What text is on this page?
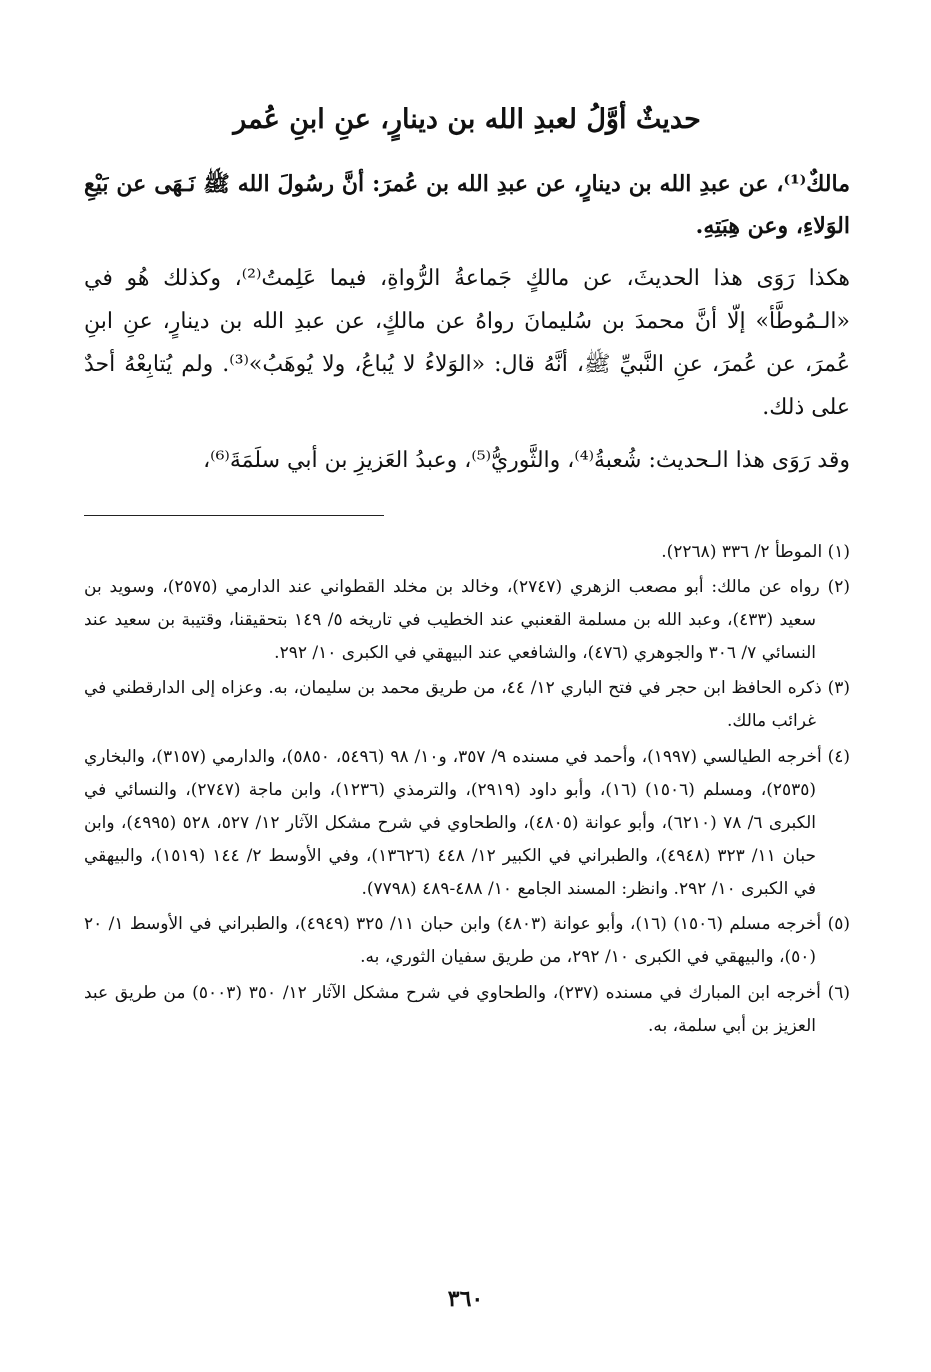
حديثٌ أوَّلُ لعبدِ الله بن دينارٍ، عنِ ابنِ عُمر
مالكٌ⁽¹⁾، عن عبدِ الله بن دينارٍ، عن عبدِ الله بن عُمرَ: أنَّ رسُولَ الله ﷺ نَـهَى عن بَيْعِ الوَلاءِ، وعن هِبَتِهِ.
هكذا رَوَى هذا الحديثَ، عن مالكٍ جَماعةُ الرُّواةِ، فيما عَلِمتُ⁽²⁾، وكذلك هُو في «الـمُوطَّأ» إلّا أنَّ محمدَ بن سُليمانَ رواهُ عن مالكٍ، عن عبدِ الله بن دينارٍ، عنِ ابنِ عُمرَ، عن عُمرَ، عنِ النَّبيِّ ﷺ، أنَّهُ قال: «الوَلاءُ لا يُباعُ، ولا يُوهَبُ»⁽³⁾. ولم يُتابِعْهُ أحدٌ على ذلك.
وقد رَوَى هذا الـحديث: شُعبةُ⁽⁴⁾، والثَّوريُّ⁽⁵⁾، وعبدُ العَزيزِ بن أبي سلَمَةَ⁽⁶⁾،
(١) الموطأ ٢/ ٣٣٦ (٢٢٦٨).
(٢) رواه عن مالك: أبو مصعب الزهري (٢٧٤٧)، وخالد بن مخلد القطواني عند الدارمي (٢٥٧٥)، وسويد بن سعيد (٤٣٣)، وعبد الله بن مسلمة القعنبي عند الخطيب في تاريخه ٥/ ١٤٩ بتحقيقنا، وقتيبة بن سعيد عند النسائي ٧/ ٣٠٦ والجوهري (٤٧٦)، والشافعي عند البيهقي في الكبرى ١٠/ ٢٩٢.
(٣) ذكره الحافظ ابن حجر في فتح الباري ١٢/ ٤٤، من طريق محمد بن سليمان، به. وعزاه إلى الدارقطني في غرائب مالك.
(٤) أخرجه الطيالسي (١٩٩٧)، وأحمد في مسنده ٩/ ٣٥٧، و١٠/ ٩٨ (٥٤٩٦، ٥٨٥٠)، والدارمي (٣١٥٧)، والبخاري (٢٥٣٥)، ومسلم (١٥٠٦) (١٦)، وأبو داود (٢٩١٩)، والترمذي (١٢٣٦)، وابن ماجة (٢٧٤٧)، والنسائي في الكبرى ٦/ ٧٨ (٦٢١٠)، وأبو عوانة (٤٨٠٥)، والطحاوي في شرح مشكل الآثار ١٢/ ٥٢٧، ٥٢٨ (٤٩٩٥)، وابن حبان ١١/ ٣٢٣ (٤٩٤٨)، والطبراني في الكبير ١٢/ ٤٤٨ (١٣٦٢٦)، وفي الأوسط ٢/ ١٤٤ (١٥١٩)، والبيهقي في الكبرى ١٠/ ٢٩٢. وانظر: المسند الجامع ١٠/ ٤٨٨-٤٨٩ (٧٧٩٨).
(٥) أخرجه مسلم (١٥٠٦) (١٦)، وأبو عوانة (٤٨٠٣) وابن حبان ١١/ ٣٢٥ (٤٩٤٩)، والطبراني في الأوسط ١/ ٢٠ (٥٠)، والبيهقي في الكبرى ١٠/ ٢٩٢، من طريق سفيان الثوري، به.
(٦) أخرجه ابن المبارك في مسنده (٢٣٧)، والطحاوي في شرح مشكل الآثار ١٢/ ٣٥٠ (٥٠٠٣) من طريق عبد العزيز بن أبي سلمة، به.
٣٦٠
